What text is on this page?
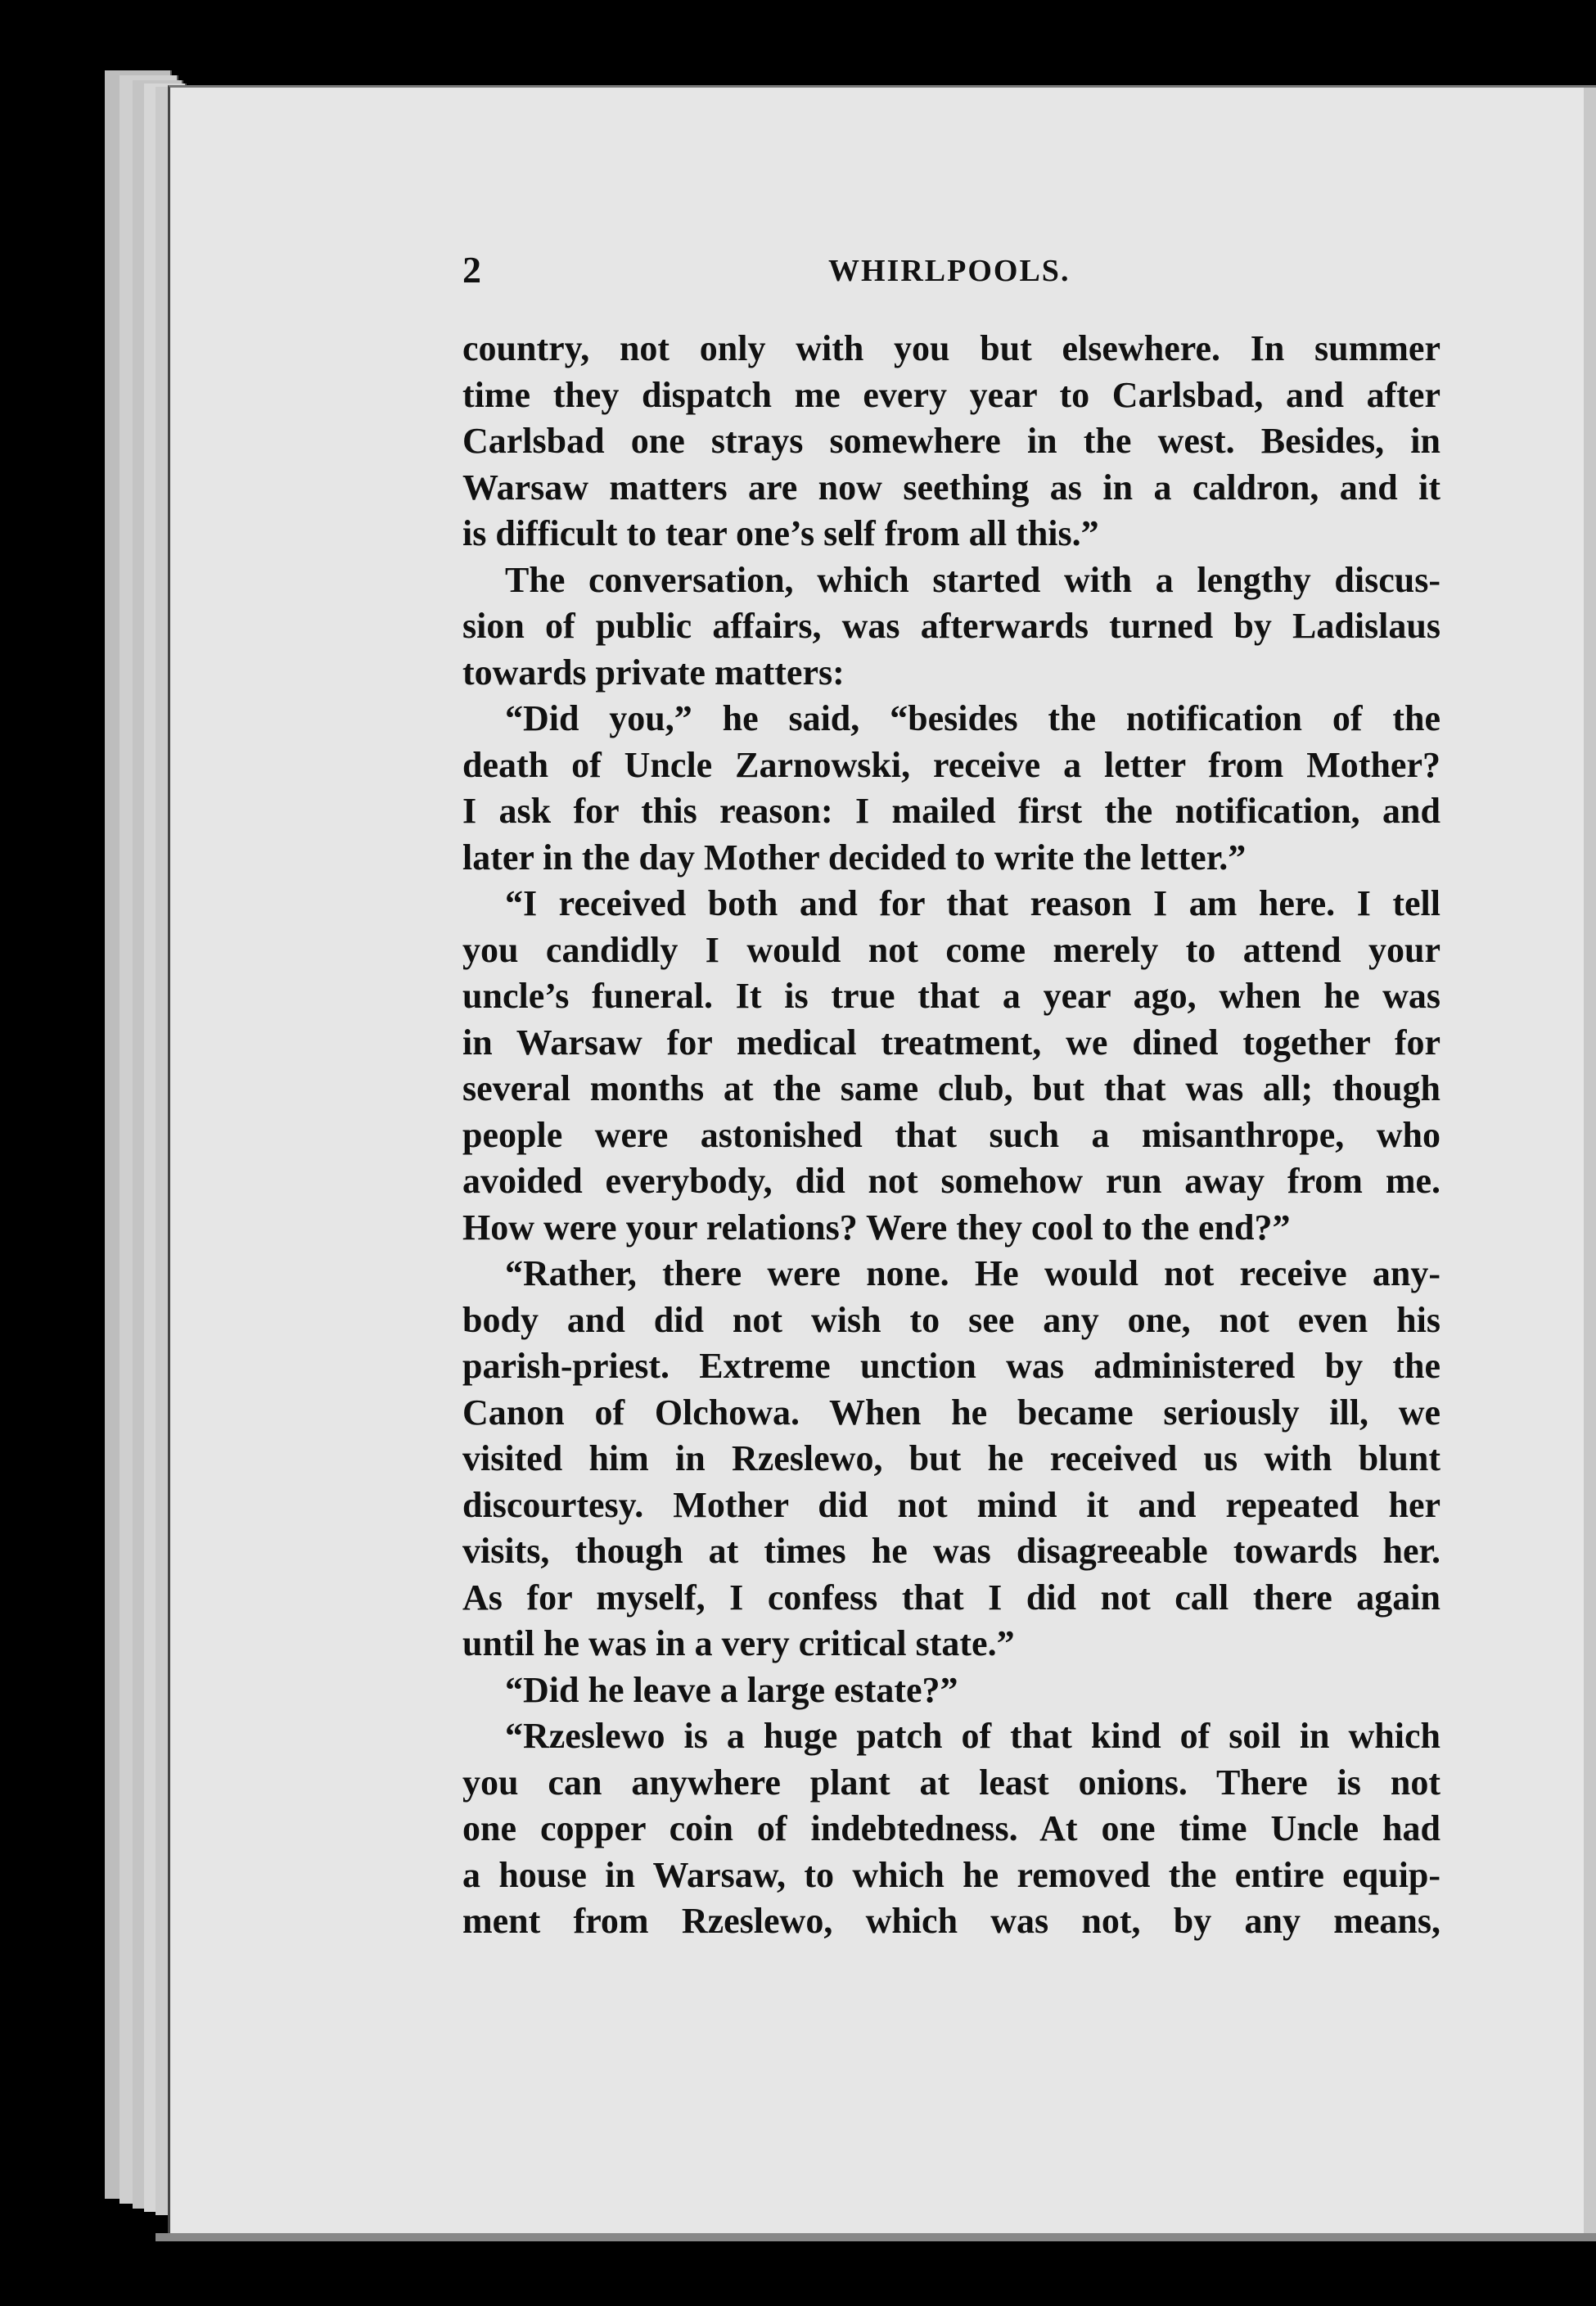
2	WHIRLPOOLS.
country, not only with you but elsewhere. In summer
time they dispatch me every year to Carlsbad, and after
Carlsbad one strays somewhere in the west. Besides, in
Warsaw matters are now seething as in a caldron, and it
is difficult to tear one’s self from all this.”
The conversation, which started with a lengthy discus-
sion of public affairs, was afterwards turned by Ladislaus
towards private matters:
“Did you,” he said, “besides the notification of the
death of Uncle Zarnowski, receive a letter from Mother?
I ask for this reason: I mailed first the notification, and
later in the day Mother decided to write the letter.”
“I received both and for that reason I am here. I tell
you candidly I would not come merely to attend your
uncle’s funeral. It is true that a year ago, when he was
in Warsaw for medical treatment, we dined together for
several months at the same club, but that was all; though
people were astonished that such a misanthrope, who
avoided everybody, did not somehow run away from me.
How were your relations? Were they cool to the end?”
“Rather, there were none. He would not receive any-
body and did not wish to see any one, not even his
parish-priest. Extreme unction was administered by the
Canon of Olchowa. When he became seriously ill, we
visited him in Rzeslewo, but he received us with blunt
discourtesy. Mother did not mind it and repeated her
visits, though at times he was disagreeable towards her.
As for myself, I confess that I did not call there again
until he was in a very critical state.”
“Did he leave a large estate?”
“Rzeslewo is a huge patch of that kind of soil in which
you can anywhere plant at least onions. There is not
one copper coin of indebtedness. At one time Uncle had
a house in Warsaw, to which he removed the entire equip-
ment from Rzeslewo, which was not, by any means,
